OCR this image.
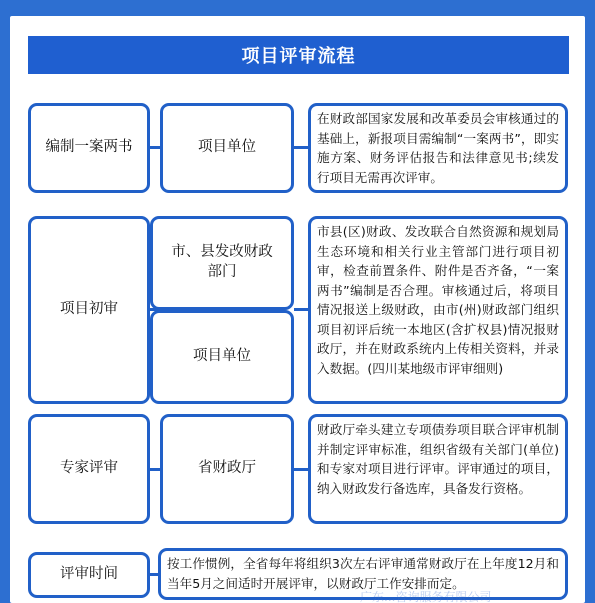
项目评审流程
编制一案两书	项目单位
在财政部国家发展和改革委员会审核通过的基础上，新报项目需编制“一案两书”，即实施方案、财务评估报告和法律意见书;续发行项目无需再次评审。
项目初审
市、县发改财政部门
项目单位
市县(区)财政、发改联合自然资源和规划局生态环境和相关行业主管部门进行项目初审，检查前置条件、附件是否齐备，“一案两书”编制是否合理。审核通过后，将项目情况报送上级财政，由市(州)财政部门组织项目初评后统一本地区(含扩权县)情况报财政厅，并在财政系统内上传相关资料，并录入数据。(四川某地级市评审细则)
专家评审	省财政厅
财政厅牵头建立专项债券项目联合评审机制并制定评审标准，组织省级有关部门(单位)和专家对项目进行评审。评审通过的项目，纳入财政发行备选库，具备发行资格。
评审时间
按工作惯例，全省每年将组织3次左右评审通常财政厅在上年度12月和当年5月之间适时开展评审，以财政厅工作安排而定。
广东...咨询服务有限公司
